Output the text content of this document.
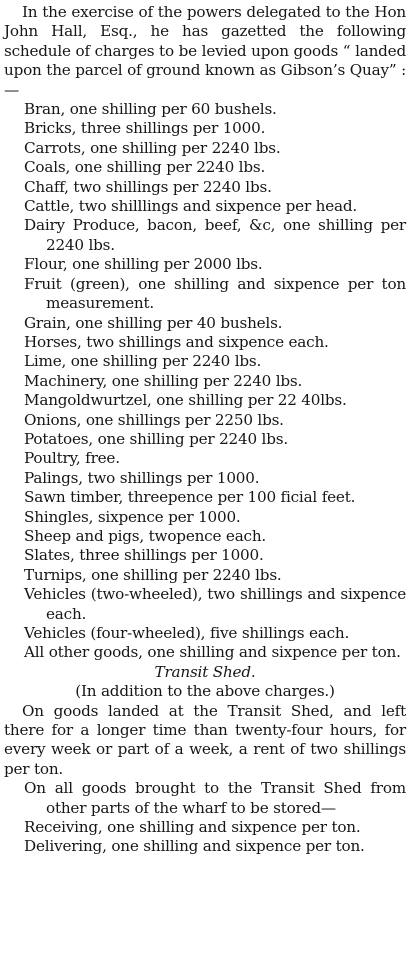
In the exercise of the powers delegated to the Hon John Hall, Esq., he has gazetted the following schedule of charges to be levied upon goods “ landed upon the parcel of ground known as Gibson’s Quay” :—

Bran, one shilling per 60 bushels.

Bricks, three shillings per 1000.

Carrots, one shilling per 2240 lbs.

Coals, one shilling per 2240 lbs.

Chaff, two shillings per 2240 lbs.

Cattle, two shilllings and sixpence per head.

Dairy Produce, bacon, beef, &c, one shilling per 2240 lbs.

Flour, one shilling per 2000 lbs.

Fruit (green), one shilling and sixpence per ton measurement.

Grain, one shilling per 40 bushels.

Horses, two shillings and sixpence each.

Lime, one shilling per 2240 lbs.

Machinery, one shilling per 2240 lbs.

Mangoldwurtzel, one shilling per 22 40lbs.

Onions, one shillings per 2250 lbs.

Potatoes, one shilling per 2240 lbs.

Poultry, free.

Palings, two shillings per 1000.

Sawn timber, threepence per 100 ficial feet.

Shingles, sixpence per 1000.

Sheep and pigs, twopence each.

Slates, three shillings per 1000.

Turnips, one shilling per 2240 lbs.

Vehicles (two-wheeled), two shillings and sixpence each.

Vehicles (four-wheeled), five shillings each.

All other goods, one shilling and sixpence per ton.

Transit Shed.

(In addition to the above charges.)

On goods landed at the Transit Shed, and left there for a longer time than twenty-four hours, for every week or part of a week, a rent of two shillings per ton.

On all goods brought to the Transit Shed from other parts of the wharf to be stored—

Receiving, one shilling and sixpence per ton.

Delivering, one shilling and sixpence per ton.
